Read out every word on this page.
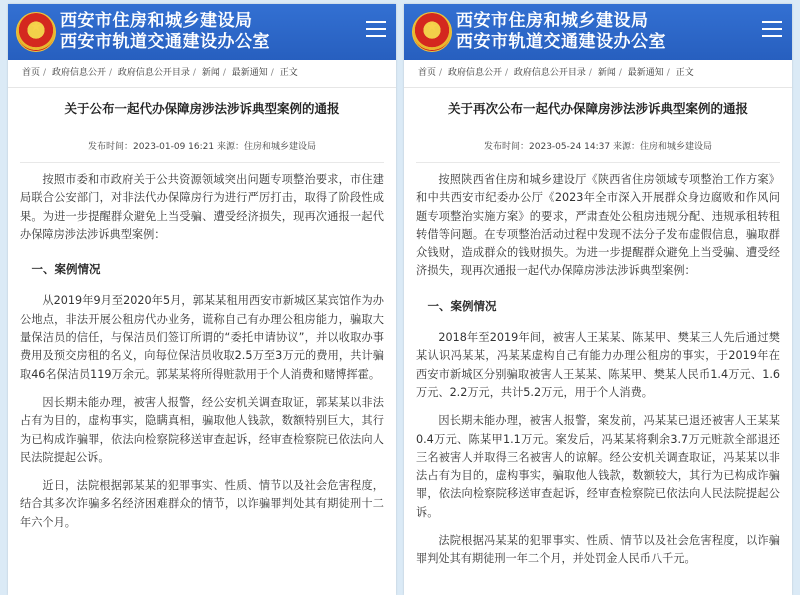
★	西安市住房和城乡建设局
西安市轨道交通建设办公室
首页 / 政府信息公开 / 政府信息公开目录 / 新闻 / 最新通知 / 正文
关于公布一起代办保障房涉法涉诉典型案例的通报
发布时间：2023-01-09 16:21 来源：住房和城乡建设局

按照市委和市政府关于公共资源领域突出问题专项整治要求，市住建局联合公安部门，对非法代办保障房行为进行严厉打击，取得了阶段性成果。为进一步提醒群众避免上当受骗、遭受经济损失，现再次通报一起代办保障房涉法涉诉典型案例：

一、案例情况

从2019年9月至2020年5月，郭某某租用西安市新城区某宾馆作为办公地点，非法开展公租房代办业务，谎称自己有办理公租房能力，骗取大量保洁员的信任，与保洁员们签订所谓的“委托申请协议”，并以收取办事费用及预交房租的名义，向每位保洁员收取2.5万至3万元的费用，共计骗取46名保洁员119万余元。郭某某将所得赃款用于个人消费和赌博挥霍。

因长期未能办理，被害人报警，经公安机关调查取证，郭某某以非法占有为目的，虚构事实，隐瞒真相，骗取他人钱款，数额特别巨大，其行为已构成诈骗罪，依法向检察院移送审查起诉，经审查检察院已依法向人民法院提起公诉。

近日，法院根据郭某某的犯罪事实、性质、情节以及社会危害程度，结合其多次诈骗多名经济困难群众的情节，以诈骗罪判处其有期徒刑十二年六个月。

★	西安市住房和城乡建设局
西安市轨道交通建设办公室
首页 / 政府信息公开 / 政府信息公开目录 / 新闻 / 最新通知 / 正文
关于再次公布一起代办保障房涉法涉诉典型案例的通报
发布时间：2023-05-24 14:37 来源：住房和城乡建设局

按照陕西省住房和城乡建设厅《陕西省住房领域专项整治工作方案》和中共西安市纪委办公厅《2023年全市深入开展群众身边腐败和作风问题专项整治实施方案》的要求，严肃查处公租房违规分配、违规承租转租转借等问题。在专项整治活动过程中发现不法分子发布虚假信息，骗取群众钱财，造成群众的钱财损失。为进一步提醒群众避免上当受骗、遭受经济损失，现再次通报一起代办保障房涉法涉诉典型案例：

一、案例情况

2018年至2019年间，被害人王某某、陈某甲、樊某三人先后通过樊某认识冯某某，冯某某虚构自己有能力办理公租房的事实，于2019年在西安市新城区分别骗取被害人王某某、陈某甲、樊某人民币1.4万元、1.6万元、2.2万元，共计5.2万元，用于个人消费。

因长期未能办理，被害人报警，案发前，冯某某已退还被害人王某某0.4万元、陈某甲1.1万元。案发后，冯某某将剩余3.7万元赃款全部退还三名被害人并取得三名被害人的谅解。经公安机关调查取证，冯某某以非法占有为目的，虚构事实，骗取他人钱款，数额较大，其行为已构成诈骗罪，依法向检察院移送审查起诉，经审查检察院已依法向人民法院提起公诉。

法院根据冯某某的犯罪事实、性质、情节以及社会危害程度，以诈骗罪判处其有期徒刑一年二个月，并处罚金人民币八千元。
